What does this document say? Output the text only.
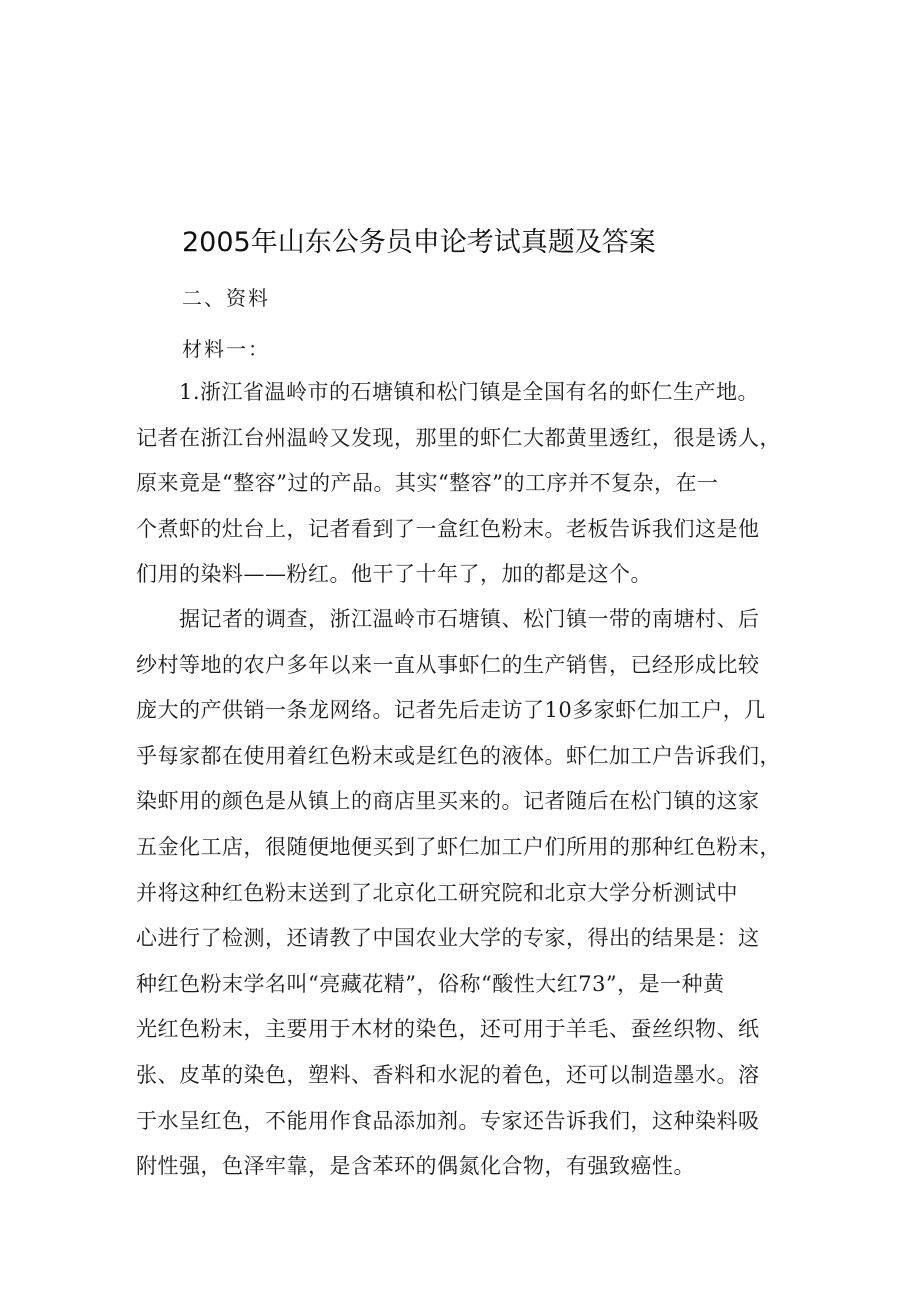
2005年山东公务员申论考试真题及答案
二、资料
材料一：

　　1.浙江省温岭市的石塘镇和松门镇是全国有名的虾仁生产地。
记者在浙江台州温岭又发现，那里的虾仁大都黄里透红，很是诱人，
原来竟是“整容”过的产品。其实“整容”的工序并不复杂，在一
个煮虾的灶台上，记者看到了一盒红色粉末。老板告诉我们这是他
们用的染料——粉红。他干了十年了，加的都是这个。

　　据记者的调查，浙江温岭市石塘镇、松门镇一带的南塘村、后
纱村等地的农户多年以来一直从事虾仁的生产销售，已经形成比较
庞大的产供销一条龙网络。记者先后走访了10多家虾仁加工户，几
乎每家都在使用着红色粉末或是红色的液体。虾仁加工户告诉我们，
染虾用的颜色是从镇上的商店里买来的。记者随后在松门镇的这家
五金化工店，很随便地便买到了虾仁加工户们所用的那种红色粉末，
并将这种红色粉末送到了北京化工研究院和北京大学分析测试中
心进行了检测，还请教了中国农业大学的专家，得出的结果是：这
种红色粉末学名叫“亮藏花精”，俗称“酸性大红73”，是一种黄
光红色粉末，主要用于木材的染色，还可用于羊毛、蚕丝织物、纸
张、皮革的染色，塑料、香料和水泥的着色，还可以制造墨水。溶
于水呈红色，不能用作食品添加剂。专家还告诉我们，这种染料吸
附性强，色泽牢靠，是含苯环的偶氮化合物，有强致癌性。
